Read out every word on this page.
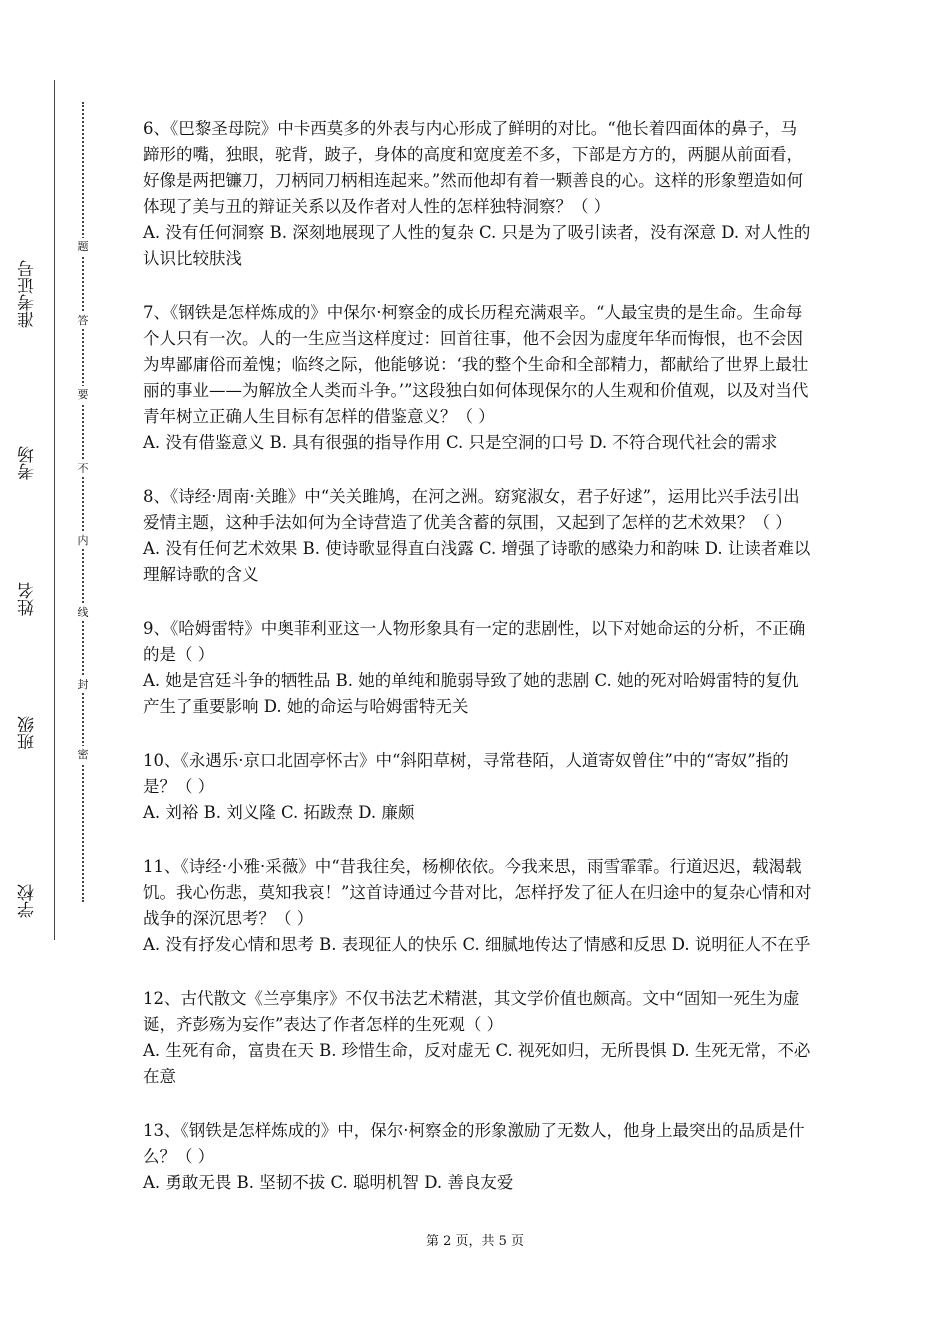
准考证号
考场
姓名
班级
学校
题
答
要
不
内
线
封
密
6、《巴黎圣母院》中卡西莫多的外表与内心形成了鲜明的对比。“他长着四面体的鼻子，马蹄形的嘴，独眼，驼背，跛子，身体的高度和宽度差不多，下部是方方的，两腿从前面看，好像是两把镰刀，刀柄同刀柄相连起来。”然而他却有着一颗善良的心。这样的形象塑造如何体现了美与丑的辩证关系以及作者对人性的怎样独特洞察？（ ）
A. 没有任何洞察 B. 深刻地展现了人性的复杂 C. 只是为了吸引读者，没有深意 D. 对人性的认识比较肤浅
7、《钢铁是怎样炼成的》中保尔·柯察金的成长历程充满艰辛。“人最宝贵的是生命。生命每个人只有一次。人的一生应当这样度过：回首往事，他不会因为虚度年华而悔恨，也不会因为卑鄙庸俗而羞愧；临终之际，他能够说：‘我的整个生命和全部精力，都献给了世界上最壮丽的事业——为解放全人类而斗争。’”这段独白如何体现保尔的人生观和价值观，以及对当代青年树立正确人生目标有怎样的借鉴意义？（ ）
A. 没有借鉴意义 B. 具有很强的指导作用 C. 只是空洞的口号 D. 不符合现代社会的需求
8、《诗经·周南·关雎》中“关关雎鸠，在河之洲。窈窕淑女，君子好逑”，运用比兴手法引出爱情主题，这种手法如何为全诗营造了优美含蓄的氛围，又起到了怎样的艺术效果？（ ）
A. 没有任何艺术效果 B. 使诗歌显得直白浅露 C. 增强了诗歌的感染力和韵味 D. 让读者难以理解诗歌的含义
9、《哈姆雷特》中奥菲利亚这一人物形象具有一定的悲剧性，以下对她命运的分析，不正确的是（ ）
A. 她是宫廷斗争的牺牲品 B. 她的单纯和脆弱导致了她的悲剧 C. 她的死对哈姆雷特的复仇产生了重要影响 D. 她的命运与哈姆雷特无关
10、《永遇乐·京口北固亭怀古》中“斜阳草树，寻常巷陌，人道寄奴曾住”中的“寄奴”指的是？（ ）
A. 刘裕 B. 刘义隆 C. 拓跋焘 D. 廉颇
11、《诗经·小雅·采薇》中“昔我往矣，杨柳依依。今我来思，雨雪霏霏。行道迟迟，载渴载饥。我心伤悲，莫知我哀！”这首诗通过今昔对比，怎样抒发了征人在归途中的复杂心情和对战争的深沉思考？（ ）
A. 没有抒发心情和思考 B. 表现征人的快乐 C. 细腻地传达了情感和反思 D. 说明征人不在乎
12、古代散文《兰亭集序》不仅书法艺术精湛，其文学价值也颇高。文中“固知一死生为虚诞，齐彭殇为妄作”表达了作者怎样的生死观（ ）
A. 生死有命，富贵在天 B. 珍惜生命，反对虚无 C. 视死如归，无所畏惧 D. 生死无常，不必在意
13、《钢铁是怎样炼成的》中，保尔·柯察金的形象激励了无数人，他身上最突出的品质是什么？（ ）
A. 勇敢无畏 B. 坚韧不拔 C. 聪明机智 D. 善良友爱
第 2 页，共 5 页
